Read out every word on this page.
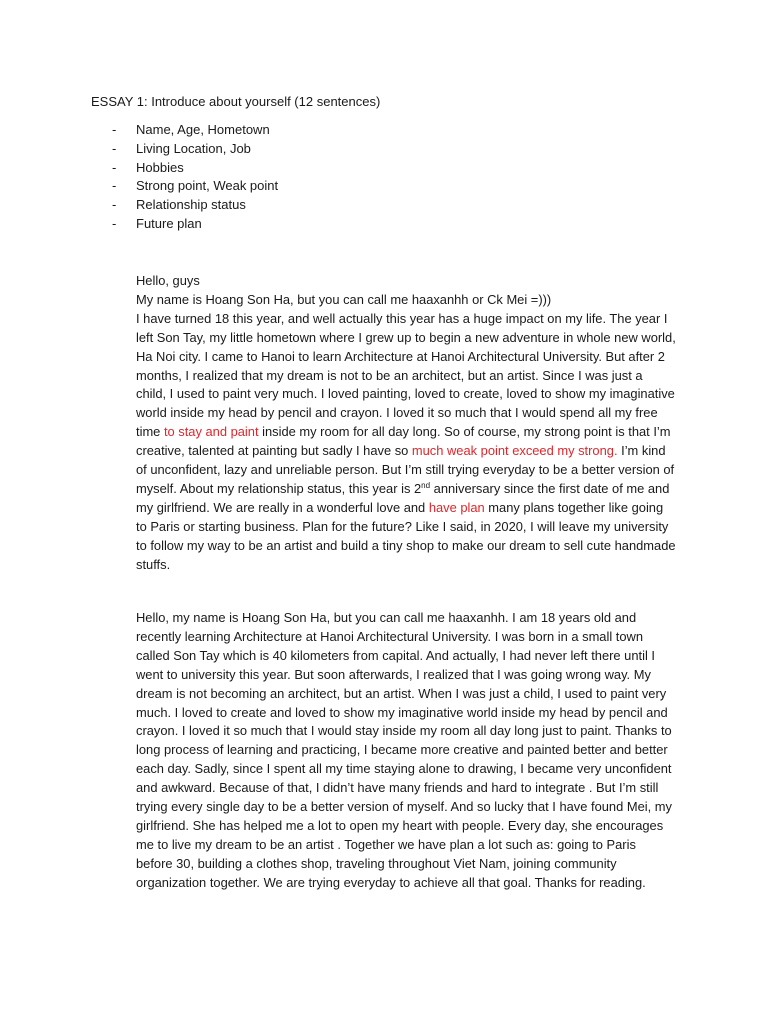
ESSAY 1: Introduce about yourself (12 sentences)
- Name, Age, Hometown
- Living Location, Job
- Hobbies
- Strong point, Weak point
- Relationship status
- Future plan

Hello, guys

My name is Hoang Son Ha, but you can call me haaxanhh or Ck Mei =)))

I have turned 18 this year, and well actually this year has a huge impact on my life. The year I left Son Tay, my little hometown where I grew up to begin a new adventure in whole new world, Ha Noi city. I came to Hanoi to learn Architecture at Hanoi Architectural University. But after 2 months, I realized that my dream is not to be an architect, but an artist. Since I was just a child, I used to paint very much. I loved painting, loved to create, loved to show my imaginative world inside my head by pencil and crayon. I loved it so much that I would spend all my free time to stay and paint inside my room for all day long. So of course, my strong point is that I’m creative, talented at painting but sadly I have so much weak point exceed my strong. I’m kind of unconfident, lazy and unreliable person. But I’m still trying everyday to be a better version of myself. About my relationship status, this year is 2nd anniversary since the first date of me and my girlfriend. We are really in a wonderful love and have plan many plans together like going to Paris or starting business. Plan for the future? Like I said, in 2020, I will leave my university to follow my way to be an artist and build a tiny shop to make our dream to sell cute handmade stuffs.

Hello, my name is Hoang Son Ha, but you can call me haaxanhh. I am 18 years old and recently learning Architecture at Hanoi Architectural University. I was born in a small town called Son Tay which is 40 kilometers from capital. And actually, I had never left there until I went to university this year. But soon afterwards, I realized that I was going wrong way. My dream is not becoming an architect, but an artist. When I was just a child, I used to paint very much. I loved to create and loved to show my imaginative world inside my head by pencil and crayon. I loved it so much that I would stay inside my room all day long just to paint. Thanks to long process of learning and practicing, I became more creative and painted better and better each day. Sadly, since I spent all my time staying alone to drawing, I became very unconfident and awkward. Because of that, I didn’t have many friends and hard to integrate . But I’m still trying every single day to be a better version of myself. And so lucky that I have found Mei, my girlfriend. She has helped me a lot to open my heart with people. Every day, she encourages me to live my dream to be an artist . Together we have plan a lot such as: going to Paris before 30, building a clothes shop, traveling throughout Viet Nam, joining community organization together. We are trying everyday to achieve all that goal. Thanks for reading.
